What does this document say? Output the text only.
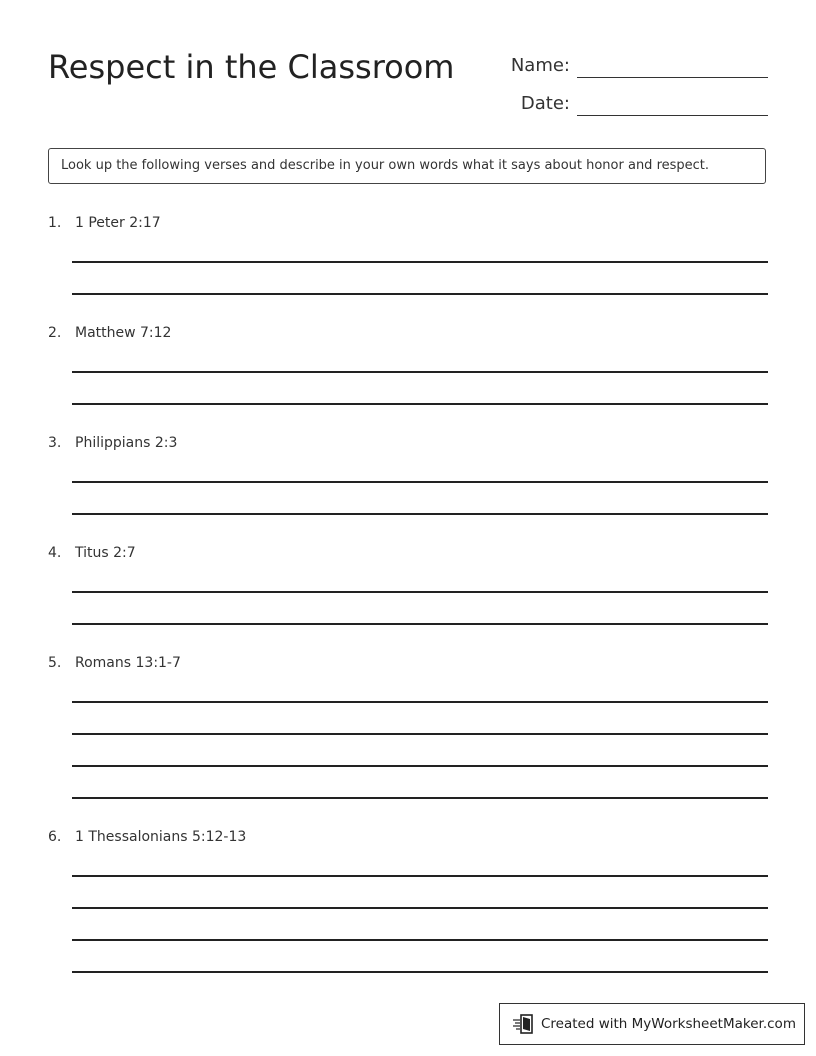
Respect in the Classroom	Name:
Date:
Look up the following verses and describe in your own words what it says about honor and respect.
1. 1 Peter 2:17
2. Matthew 7:12
3. Philippians 2:3
4. Titus 2:7
5. Romans 13:1-7
6. 1 Thessalonians 5:12-13
Created with MyWorksheetMaker.com
